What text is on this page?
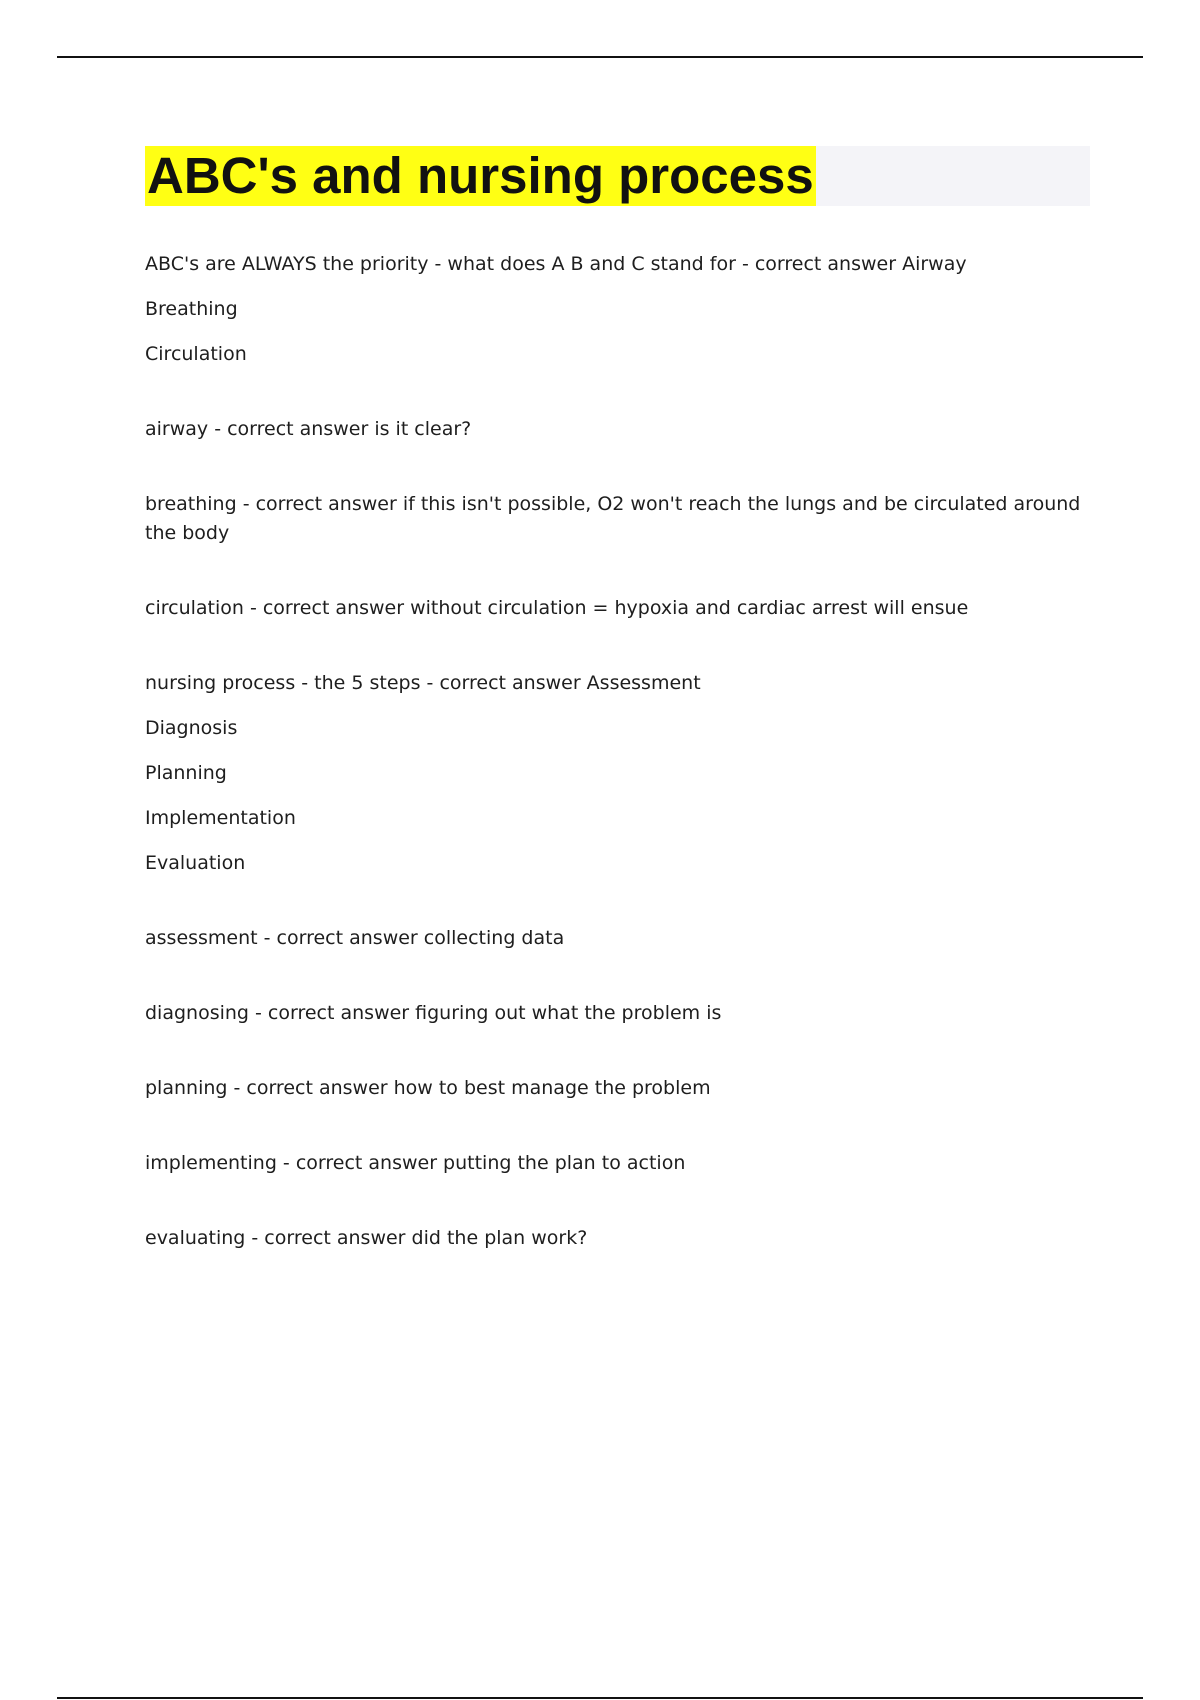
ABC's and nursing process
ABC's are ALWAYS the priority - what does A B and C stand for - correct answer Airway
Breathing
Circulation
airway - correct answer is it clear?
breathing - correct answer if this isn't possible, O2 won't reach the lungs and be circulated around the body
circulation - correct answer without circulation = hypoxia and cardiac arrest will ensue
nursing process - the 5 steps - correct answer Assessment
Diagnosis
Planning
Implementation
Evaluation
assessment - correct answer collecting data
diagnosing - correct answer figuring out what the problem is
planning - correct answer how to best manage the problem
implementing - correct answer putting the plan to action
evaluating - correct answer did the plan work?
